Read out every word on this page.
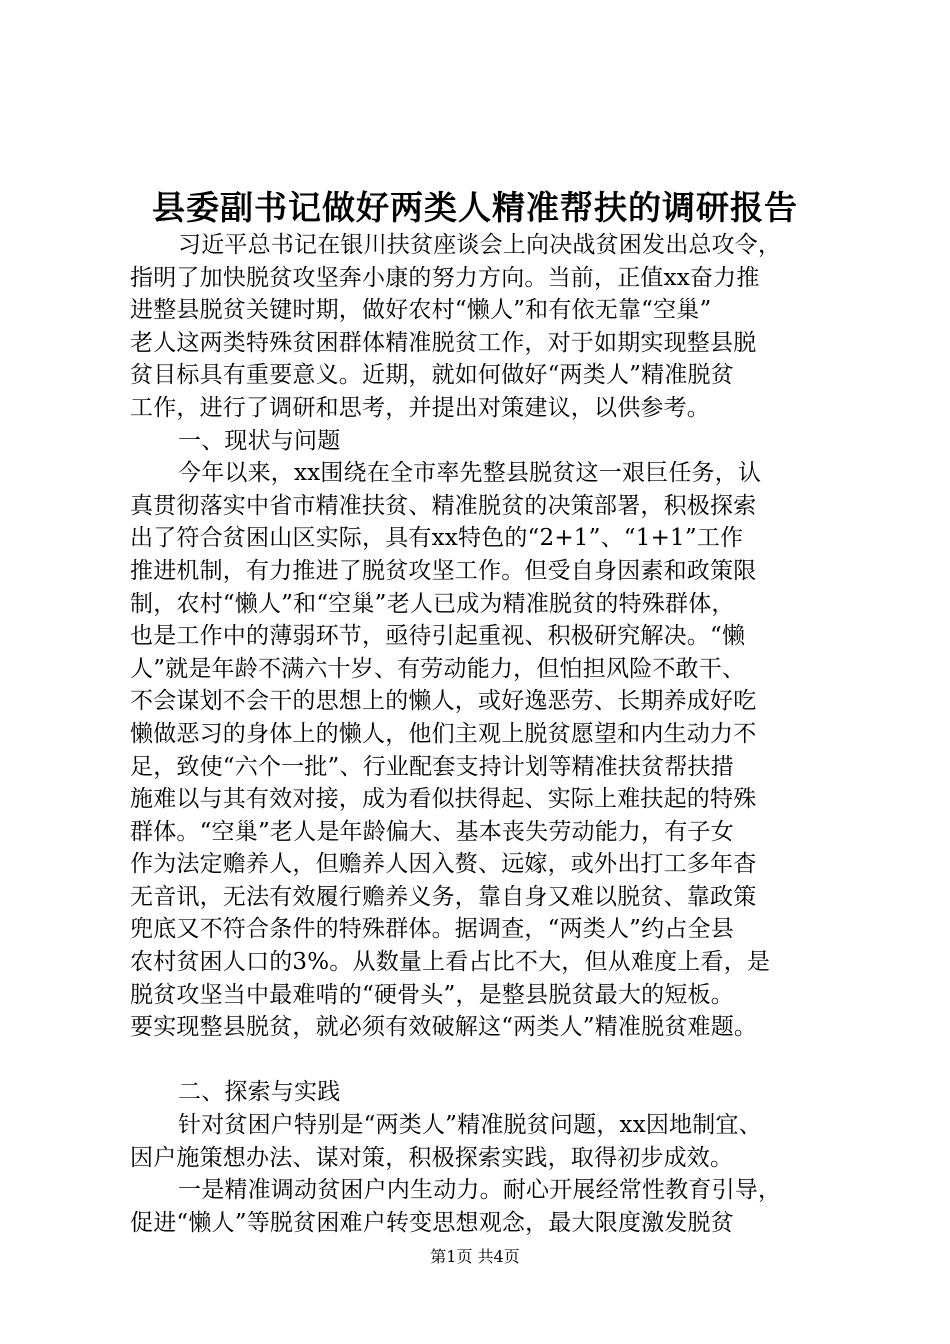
县委副书记做好两类人精准帮扶的调研报告
习近平总书记在银川扶贫座谈会上向决战贫困发出总攻令，
指明了加快脱贫攻坚奔小康的努力方向。当前，正值xx奋力推
进整县脱贫关键时期，做好农村“懒人”和有依无靠“空巢”
老人这两类特殊贫困群体精准脱贫工作，对于如期实现整县脱
贫目标具有重要意义。近期，就如何做好“两类人”精准脱贫
工作，进行了调研和思考，并提出对策建议，以供参考。
一、现状与问题
今年以来，xx围绕在全市率先整县脱贫这一艰巨任务，认
真贯彻落实中省市精准扶贫、精准脱贫的决策部署，积极探索
出了符合贫困山区实际，具有xx特色的“2+1”、“1+1”工作
推进机制，有力推进了脱贫攻坚工作。但受自身因素和政策限
制，农村“懒人”和“空巢”老人已成为精准脱贫的特殊群体，
也是工作中的薄弱环节，亟待引起重视、积极研究解决。“懒
人”就是年龄不满六十岁、有劳动能力，但怕担风险不敢干、
不会谋划不会干的思想上的懒人，或好逸恶劳、长期养成好吃
懒做恶习的身体上的懒人，他们主观上脱贫愿望和内生动力不
足，致使“六个一批”、行业配套支持计划等精准扶贫帮扶措
施难以与其有效对接，成为看似扶得起、实际上难扶起的特殊
群体。“空巢”老人是年龄偏大、基本丧失劳动能力，有子女
作为法定赡养人，但赡养人因入赘、远嫁，或外出打工多年杳
无音讯，无法有效履行赡养义务，靠自身又难以脱贫、靠政策
兜底又不符合条件的特殊群体。据调查，“两类人”约占全县
农村贫困人口的3%。从数量上看占比不大，但从难度上看，是
脱贫攻坚当中最难啃的“硬骨头”，是整县脱贫最大的短板。
要实现整县脱贫，就必须有效破解这“两类人”精准脱贫难题。
二、探索与实践
针对贫困户特别是“两类人”精准脱贫问题，xx因地制宜、
因户施策想办法、谋对策，积极探索实践，取得初步成效。
一是精准调动贫困户内生动力。耐心开展经常性教育引导，
促进“懒人”等脱贫困难户转变思想观念，最大限度激发脱贫
第1页 共4页
